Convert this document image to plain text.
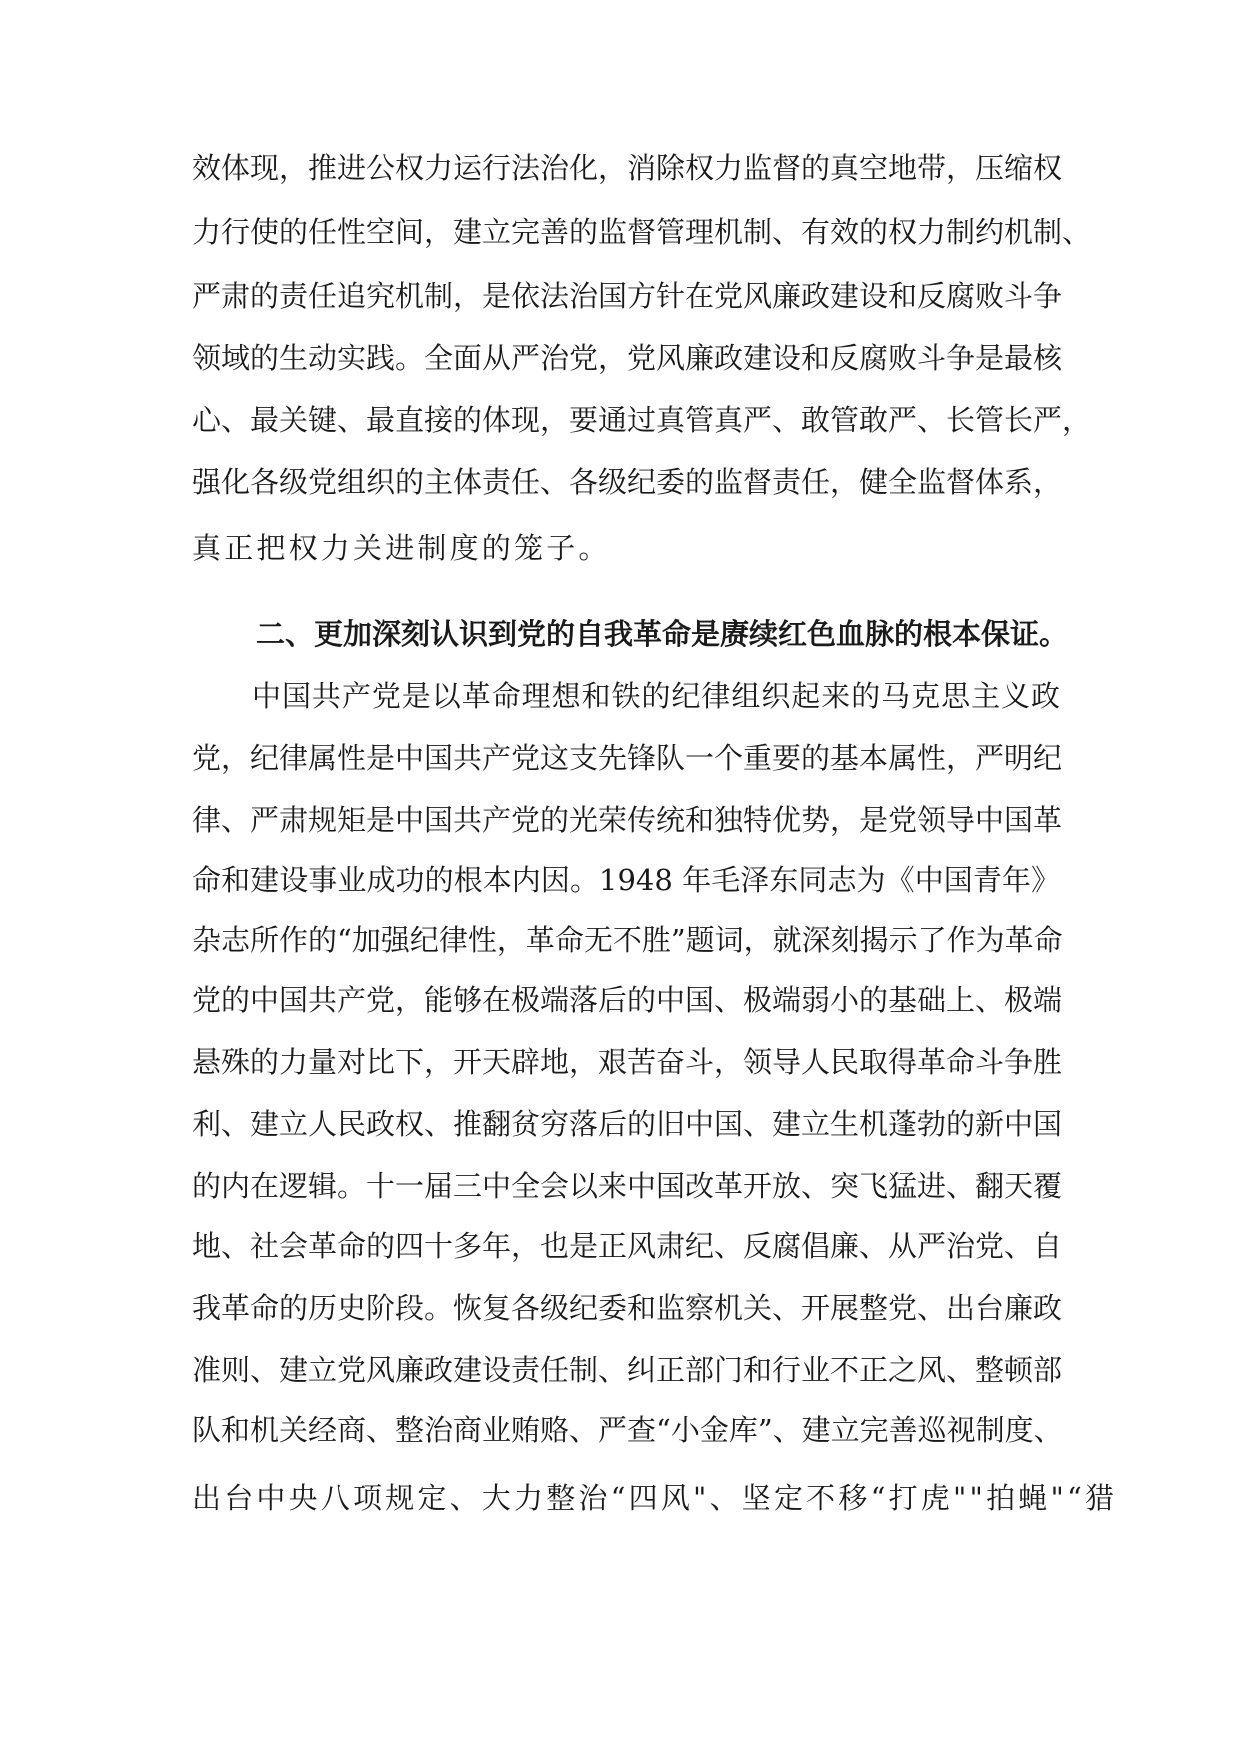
效体现，推进公权力运行法治化，消除权力监督的真空地带，压缩权
力行使的任性空间，建立完善的监督管理机制、有效的权力制约机制、
严肃的责任追究机制，是依法治国方针在党风廉政建设和反腐败斗争
领域的生动实践。全面从严治党，党风廉政建设和反腐败斗争是最核
心、最关键、最直接的体现，要通过真管真严、敢管敢严、长管长严，
强化各级党组织的主体责任、各级纪委的监督责任，健全监督体系，
真正把权力关进制度的笼子。
二、更加深刻认识到党的自我革命是赓续红色血脉的根本保证。
中国共产党是以革命理想和铁的纪律组织起来的马克思主义政
党，纪律属性是中国共产党这支先锋队一个重要的基本属性，严明纪
律、严肃规矩是中国共产党的光荣传统和独特优势，是党领导中国革
命和建设事业成功的根本内因。1948 年毛泽东同志为《中国青年》
杂志所作的“加强纪律性，革命无不胜”题词，就深刻揭示了作为革命
党的中国共产党，能够在极端落后的中国、极端弱小的基础上、极端
悬殊的力量对比下，开天辟地，艰苦奋斗，领导人民取得革命斗争胜
利、建立人民政权、推翻贫穷落后的旧中国、建立生机蓬勃的新中国
的内在逻辑。十一届三中全会以来中国改革开放、突飞猛进、翻天覆
地、社会革命的四十多年，也是正风肃纪、反腐倡廉、从严治党、自
我革命的历史阶段。恢复各级纪委和监察机关、开展整党、出台廉政
准则、建立党风廉政建设责任制、纠正部门和行业不正之风、整顿部
队和机关经商、整治商业贿赂、严查“小金库”、建立完善巡视制度、
出台中央八项规定、大力整治“四风"、坚定不移“打虎""拍蝇"“猎
